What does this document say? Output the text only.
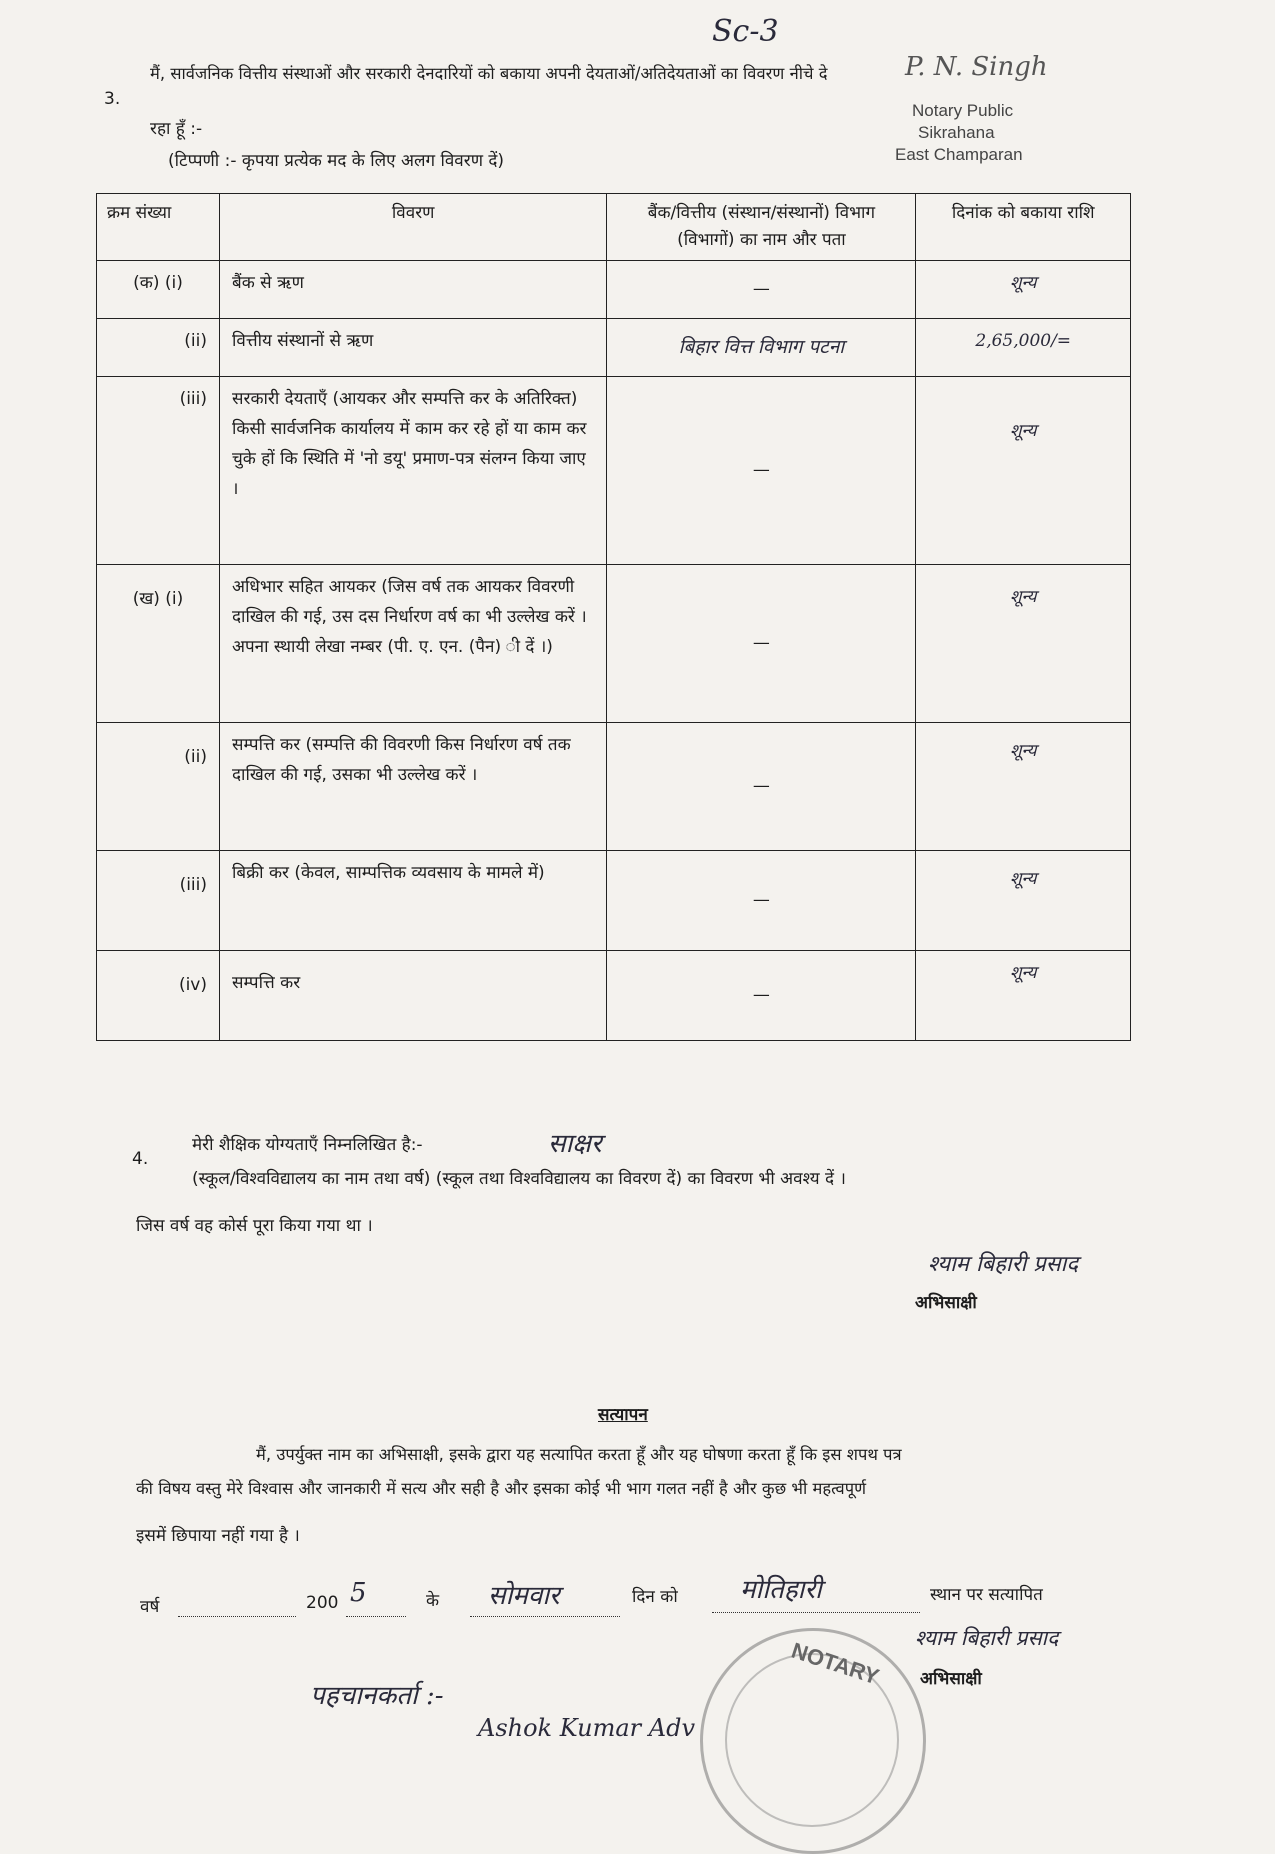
Sc-3
P. N. Singh
Notary Public
Sikrahana
East Champaran
3.
मैं, सार्वजनिक वित्तीय संस्थाओं और सरकारी देनदारियों को बकाया अपनी देयताओं/अतिदेयताओं का विवरण नीचे दे
रहा हूँ :-
(टिप्पणी :- कृपया प्रत्येक मद के लिए अलग विवरण दें)
क्रम संख्या	विवरण	बैंक/वित्तीय (संस्थान/संस्थानों) विभाग (विभागों) का नाम और पता	दिनांक को बकाया राशि
(क) (i)	बैंक से ऋण	—	शून्य
(ii)	वित्तीय संस्थानों से ऋण	बिहार वित्त विभाग पटना	2,65,000/=
(iii)	सरकारी देयताएँ (आयकर और सम्पत्ति कर के अतिरिक्त) किसी सार्वजनिक कार्यालय में काम कर रहे हों या काम कर चुके हों कि स्थिति में 'नो डयू' प्रमाण-पत्र संलग्न किया जाए ।	—	शून्य
(ख) (i)	अधिभार सहित आयकर (जिस वर्ष तक आयकर विवरणी दाखिल की गई, उस दस निर्धारण वर्ष का भी उल्लेख करें । अपना स्थायी लेखा नम्बर (पी. ए. एन. (पैन) ी दें ।)	—	शून्य
(ii)	सम्पत्ति कर (सम्पत्ति की विवरणी किस निर्धारण वर्ष तक दाखिल की गई, उसका भी उल्लेख करें ।	—	शून्य
(iii)	बिक्री कर (केवल, साम्पत्तिक व्यवसाय के मामले में)	—	शून्य
(iv)	सम्पत्ति कर	—	शून्य
4.
मेरी शैक्षिक योग्यताएँ निम्नलिखित है:-	साक्षर
(स्कूल/विश्वविद्यालय का नाम तथा वर्ष) (स्कूल तथा विश्वविद्यालय का विवरण दें) का विवरण भी अवश्य दें ।
जिस वर्ष वह कोर्स पूरा किया गया था ।
श्याम बिहारी प्रसाद
अभिसाक्षी
सत्यापन
मैं, उपर्युक्त नाम का अभिसाक्षी, इसके द्वारा यह सत्यापित करता हूँ और यह घोषणा करता हूँ कि इस शपथ पत्र
की विषय वस्तु मेरे विश्वास और जानकारी में सत्य और सही है और इसका कोई भी भाग गलत नहीं है और कुछ भी महत्वपूर्ण
इसमें छिपाया नहीं गया है ।
वर्ष	200 5	के सोमवार	दिन को मोतिहारी	स्थान पर सत्यापित
श्याम बिहारी प्रसाद
अभिसाक्षी
NOTARY
पहचानकर्ता :-
Ashok Kumar Adv
